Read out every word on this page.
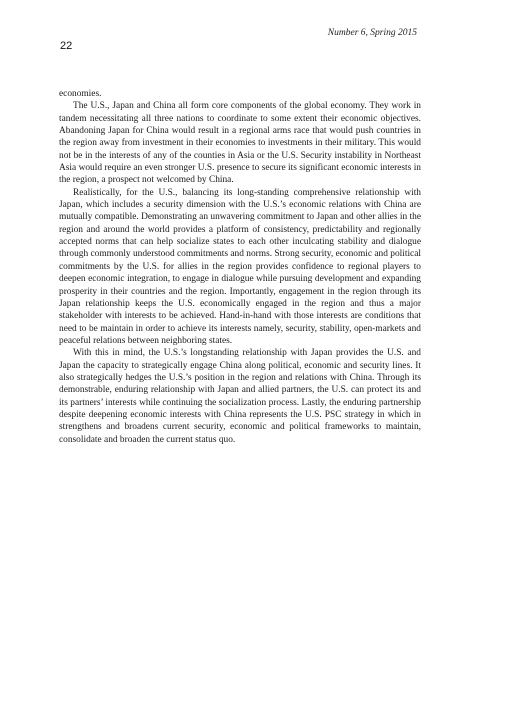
Number 6, Spring 2015
22

economies.

The U.S., Japan and China all form core components of the global economy. They work in tandem necessitating all three nations to coordinate to some extent their economic objectives. Abandoning Japan for China would result in a regional arms race that would push countries in the region away from investment in their economies to investments in their military. This would not be in the interests of any of the counties in Asia or the U.S. Security instability in Northeast Asia would require an even stronger U.S. presence to secure its significant economic interests in the region, a prospect not welcomed by China.

Realistically, for the U.S., balancing its long-standing comprehensive relationship with Japan, which includes a security dimension with the U.S.’s economic relations with China are mutually compatible. Demonstrating an unwavering commitment to Japan and other allies in the region and around the world provides a platform of consistency, predictability and regionally accepted norms that can help socialize states to each other inculcating stability and dialogue through commonly understood commitments and norms. Strong security, economic and political commitments by the U.S. for allies in the region provides confidence to regional players to deepen economic integration, to engage in dialogue while pursuing development and expanding prosperity in their countries and the region. Importantly, engagement in the region through its Japan relationship keeps the U.S. economically engaged in the region and thus a major stakeholder with interests to be achieved. Hand-in-hand with those interests are conditions that need to be maintain in order to achieve its interests namely, security, stability, open-markets and peaceful relations between neighboring states.

With this in mind, the U.S.’s longstanding relationship with Japan provides the U.S. and Japan the capacity to strategically engage China along political, economic and security lines. It also strategically hedges the U.S.’s position in the region and relations with China. Through its demonstrable, enduring relationship with Japan and allied partners, the U.S. can protect its and its partners’ interests while continuing the socialization process. Lastly, the enduring partnership despite deepening economic interests with China represents the U.S. PSC strategy in which in strengthens and broadens current security, economic and political frameworks to maintain, consolidate and broaden the current status quo.
